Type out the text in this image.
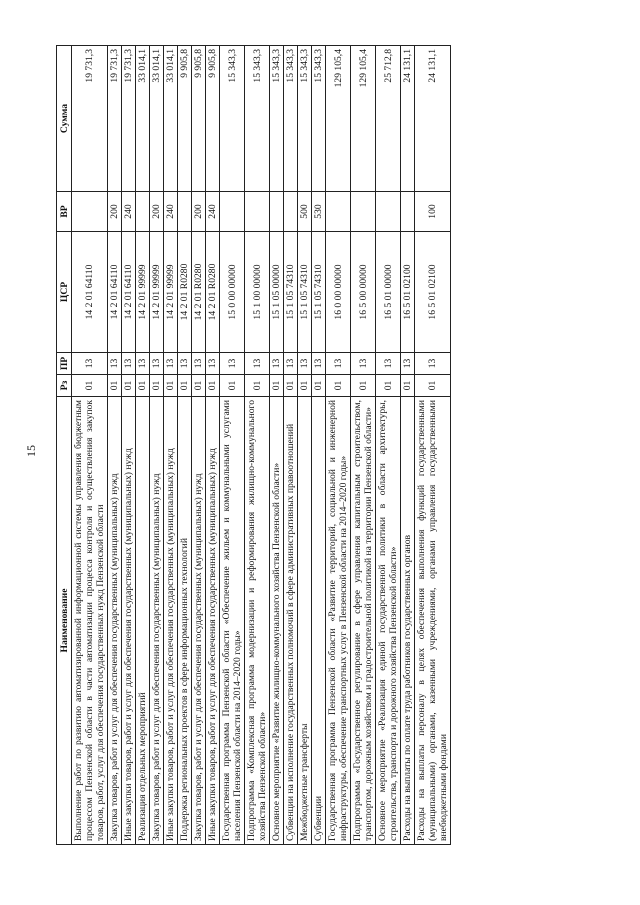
15
Наименование	Рз	ПР	ЦСР	ВР	Сумма
Выполнение работ по развитию автоматизированной информационной системы управления бюджетным процессом Пензенской области в части автоматизации процесса контроля и осуществления закупок товаров, работ, услуг для обеспечения государственных нужд Пензенской области	01	13	14 2 01 64110		19 731,3
Закупка товаров, работ и услуг для обеспечения государственных (муниципальных) нужд	01	13	14 2 01 64110	200	19 731,3
Иные закупки товаров, работ и услуг для обеспечения государственных (муниципальных) нужд	01	13	14 2 01 64110	240	19 731,3
Реализация отдельных мероприятий	01	13	14 2 01 99999		33 014,1
Закупка товаров, работ и услуг для обеспечения государственных (муниципальных) нужд	01	13	14 2 01 99999	200	33 014,1
Иные закупки товаров, работ и услуг для обеспечения государственных (муниципальных) нужд	01	13	14 2 01 99999	240	33 014,1
Поддержка региональных проектов в сфере информационных технологий	01	13	14 2 01 R0280		9 905,8
Закупка товаров, работ и услуг для обеспечения государственных (муниципальных) нужд	01	13	14 2 01 R0280	200	9 905,8
Иные закупки товаров, работ и услуг для обеспечения государственных (муниципальных) нужд	01	13	14 2 01 R0280	240	9 905,8
Государственная программа Пензенской области «Обеспечение жильем и коммунальными услугами населения Пензенской области на 2014–2020 годы»	01	13	15 0 00 00000		15 343,3
Подпрограмма «Комплексная программа модернизации и реформирования жилищно-коммунального хозяйства Пензенской области»	01	13	15 1 00 00000		15 343,3
Основное мероприятие «Развитие жилищно-коммунального хозяйства Пензенской области»	01	13	15 1 05 00000		15 343,3
Субвенции на исполнение государственных полномочий в сфере административных правоотношений	01	13	15 1 05 74310		15 343,3
Межбюджетные трансферты	01	13	15 1 05 74310	500	15 343,3
Субвенции	01	13	15 1 05 74310	530	15 343,3
Государственная программа Пензенской области «Развитие территорий, социальной и инженерной инфраструктуры, обеспечение транспортных услуг в Пензенской области на 2014–2020 годы»	01	13	16 0 00 00000		129 105,4
Подпрограмма «Государственное регулирование в сфере управления капитальным строительством, транспортом, дорожным хозяйством и градостроительной политикой на территории Пензенской области»	01	13	16 5 00 00000		129 105,4
Основное мероприятие «Реализация единой государственной политики в области архитектуры, строительства, транспорта и дорожного хозяйства Пензенской области»	01	13	16 5 01 00000		25 712,8
Расходы на выплаты по оплате труда работников государственных органов	01	13	16 5 01 02100		24 131,1
Расходы на выплаты персоналу в целях обеспечения выполнения функций государственными (муниципальными) органами, казенными учреждениями, органами управления государственными внебюджетными фондами	01	13	16 5 01 02100	100	24 131,1
